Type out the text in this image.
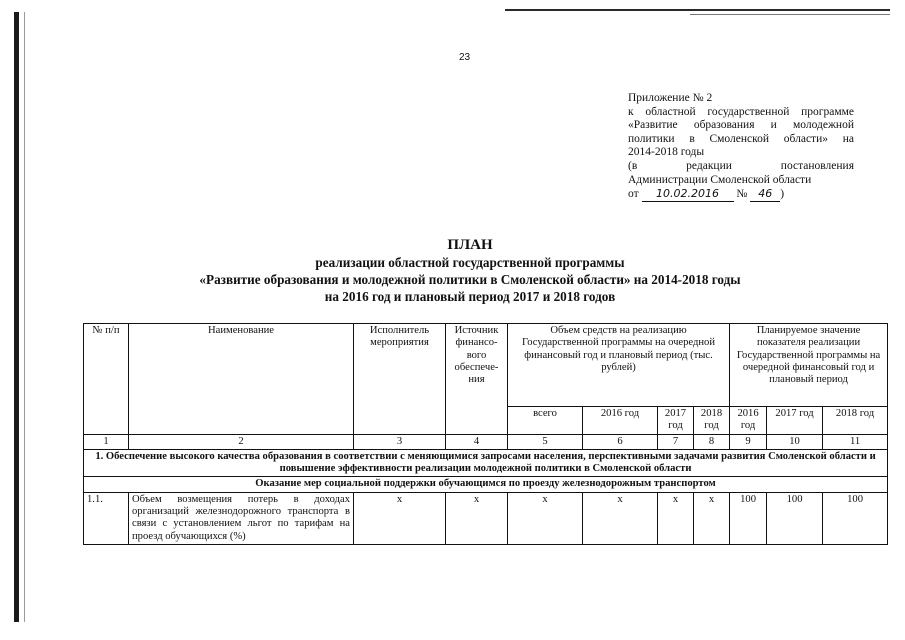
23
Приложение № 2
к областной государственной программе
«Развитие образования и молодежной
политики в Смоленской области» на
2014-2018 годы
(в редакции постановления
Администрации Смоленской области
от 10.02.2016 № 46 )
ПЛАН
реализации областной государственной программы
«Развитие образования и молодежной политики в Смоленской области» на 2014-2018 годы
на 2016 год и плановый период 2017 и 2018 годов
№ п/п	Наименование	Исполнитель мероприятия	Источник финансо-вого обеспече-ния	Объем средств на реализацию Государственной программы на очередной финансовый год и плановый период (тыс. рублей)				Планируемое значение показателя реализации Государственной программы на очередной финансовый год и плановый период		
				всего	2016 год	2017 год	2018 год	2016 год	2017 год	2018 год
1	2	3	4	5	6	7	8	9	10	11
1. Обеспечение высокого качества образования в соответствии с меняющимися запросами населения, перспективными задачами развития Смоленской области и повышение эффективности реализации молодежной политики в Смоленской области										
Оказание мер социальной поддержки обучающимся по проезду железнодорожным транспортом										
1.1.	Объем возмещения потерь в доходах организаций железнодорожного транспорта в связи с установлением льгот по тарифам на проезд обучающихся (%)	x	x	x	x	x	x	100	100	100
